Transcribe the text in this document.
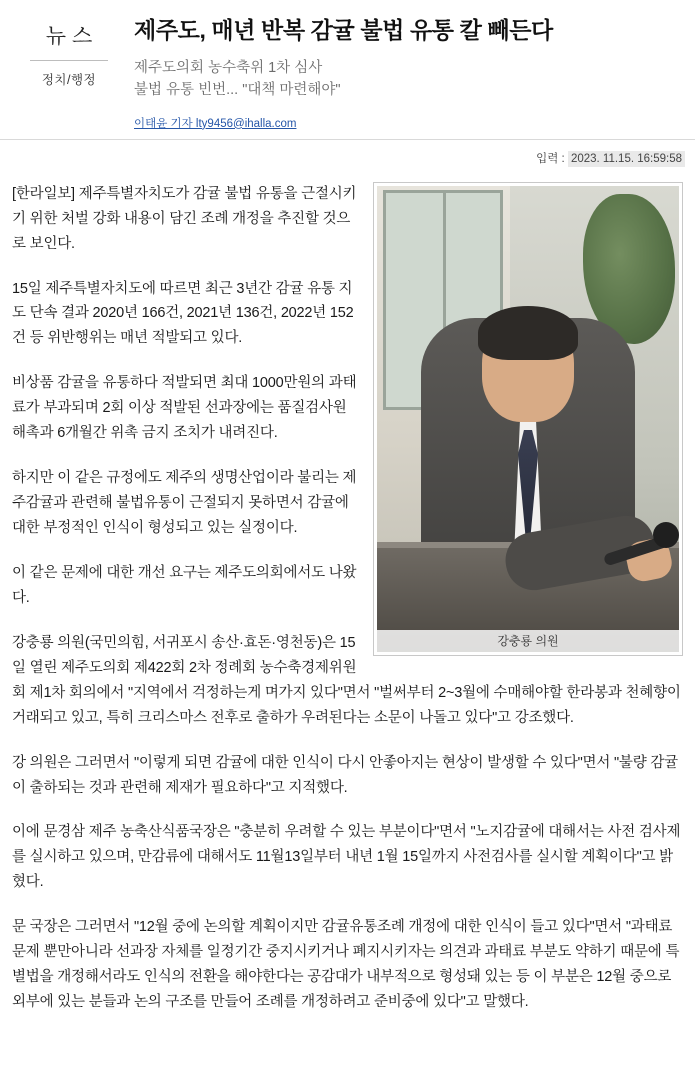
뉴스
정치/행정
제주도, 매년 반복 감귤 불법 유통 칼 빼든다
제주도의회 농수축위 1차 심사
불법 유통 빈번... "대책 마련해야"
이태윤 기자 lty9456@ihalla.com
입력 : 2023. 11.15. 16:59:58
강충룡 의원

[한라일보] 제주특별자치도가 감귤 불법 유통을 근절시키기 위한 처벌 강화 내용이 담긴 조례 개정을 추진할 것으로 보인다.

15일 제주특별자치도에 따르면 최근 3년간 감귤 유통 지도 단속 결과 2020년 166건, 2021년 136건, 2022년 152건 등 위반행위는 매년 적발되고 있다.

비상품 감귤을 유통하다 적발되면 최대 1000만원의 과태료가 부과되며 2회 이상 적발된 선과장에는 품질검사원 해촉과 6개월간 위촉 금지 조치가 내려진다.

하지만 이 같은 규정에도 제주의 생명산업이라 불리는 제주감귤과 관련해 불법유통이 근절되지 못하면서 감귤에 대한 부정적인 인식이 형성되고 있는 실정이다.

이 같은 문제에 대한 개선 요구는 제주도의회에서도 나왔다.

강충룡 의원(국민의힘, 서귀포시 송산·효돈·영천동)은 15일 열린 제주도의회 제422회 2차 정례회 농수축경제위원회 제1차 회의에서 "지역에서 걱정하는게 며가지 있다"면서 "벌써부터 2~3월에 수매해야할 한라봉과 천혜향이 거래되고 있고, 특히 크리스마스 전후로 출하가 우려된다는 소문이 나돌고 있다"고 강조했다.

강 의원은 그러면서 "이렇게 되면 감귤에 대한 인식이 다시 안좋아지는 현상이 발생할 수 있다"면서 "불량 감귤이 출하되는 것과 관련해 제재가 필요하다"고 지적했다.

이에 문경삼 제주 농축산식품국장은 "충분히 우려할 수 있는 부분이다"면서 "노지감귤에 대해서는 사전 검사제를 실시하고 있으며, 만감류에 대해서도 11월13일부터 내년 1월 15일까지 사전검사를 실시할 계획이다"고 밝혔다.

문 국장은 그러면서 "12월 중에 논의할 계획이지만 감귤유통조례 개정에 대한 인식이 들고 있다"면서 "과태료 문제 뿐만아니라 선과장 자체를 일정기간 중지시키거나 폐지시키자는 의견과 과태료 부분도 약하기 때문에 특별법을 개정해서라도 인식의 전환을 해야한다는 공감대가 내부적으로 형성돼 있는 등 이 부분은 12월 중으로 외부에 있는 분들과 논의 구조를 만들어 조례를 개정하려고 준비중에 있다"고 말했다.
